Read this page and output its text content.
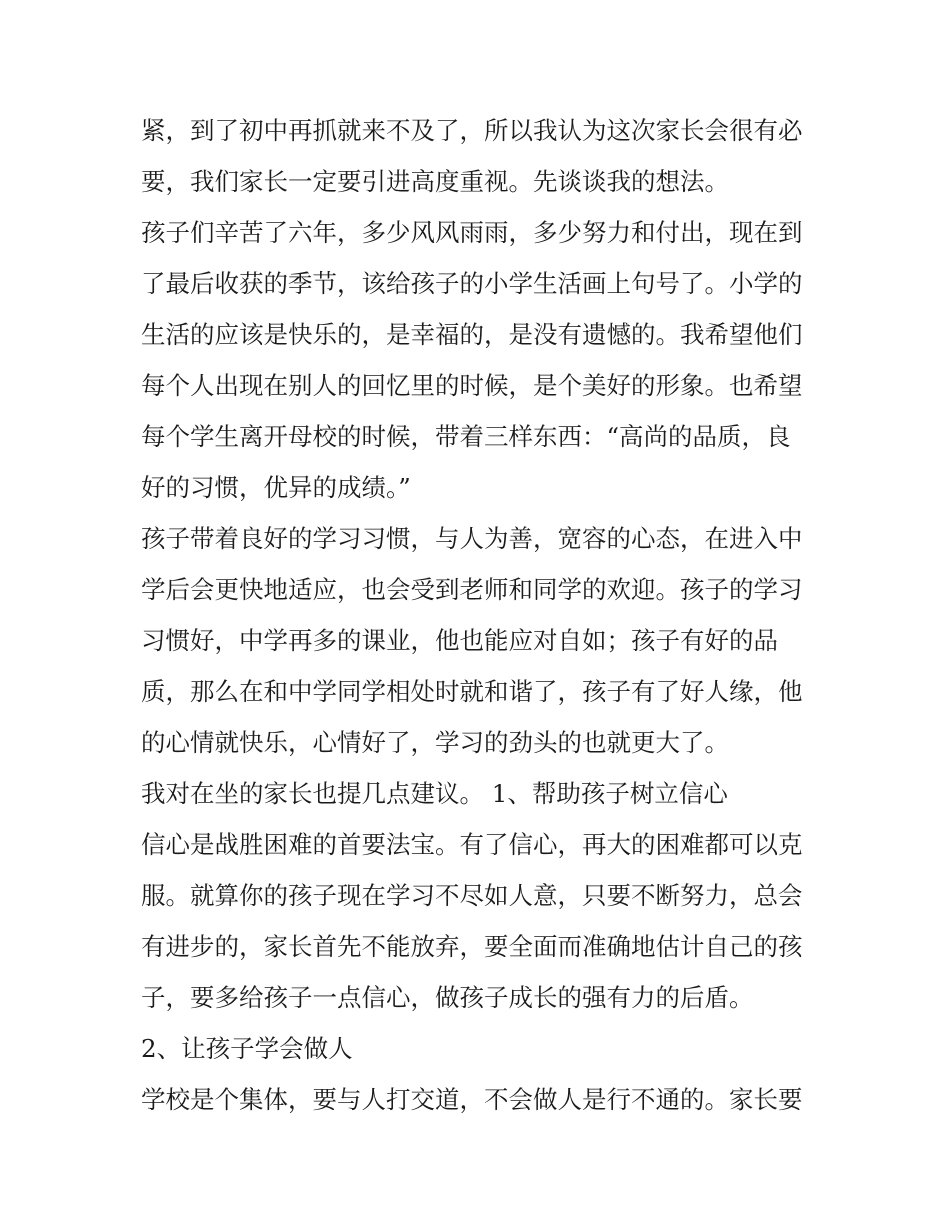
紧，到了初中再抓就来不及了，所以我认为这次家长会很有必
要，我们家长一定要引进高度重视。先谈谈我的想法。
孩子们辛苦了六年，多少风风雨雨，多少努力和付出，现在到
了最后收获的季节，该给孩子的小学生活画上句号了。小学的
生活的应该是快乐的，是幸福的，是没有遗憾的。我希望他们
每个人出现在别人的回忆里的时候，是个美好的形象。也希望
每个学生离开母校的时候，带着三样东西：“高尚的品质，良
好的习惯，优异的成绩。”
孩子带着良好的学习习惯，与人为善，宽容的心态，在进入中
学后会更快地适应，也会受到老师和同学的欢迎。孩子的学习
习惯好，中学再多的课业，他也能应对自如；孩子有好的品
质，那么在和中学同学相处时就和谐了，孩子有了好人缘，他
的心情就快乐，心情好了，学习的劲头的也就更大了。
我对在坐的家长也提几点建议。 1、帮助孩子树立信心
信心是战胜困难的首要法宝。有了信心，再大的困难都可以克
服。就算你的孩子现在学习不尽如人意，只要不断努力，总会
有进步的，家长首先不能放弃，要全面而准确地估计自己的孩
子，要多给孩子一点信心，做孩子成长的强有力的后盾。
2、让孩子学会做人
学校是个集体，要与人打交道，不会做人是行不通的。家长要
